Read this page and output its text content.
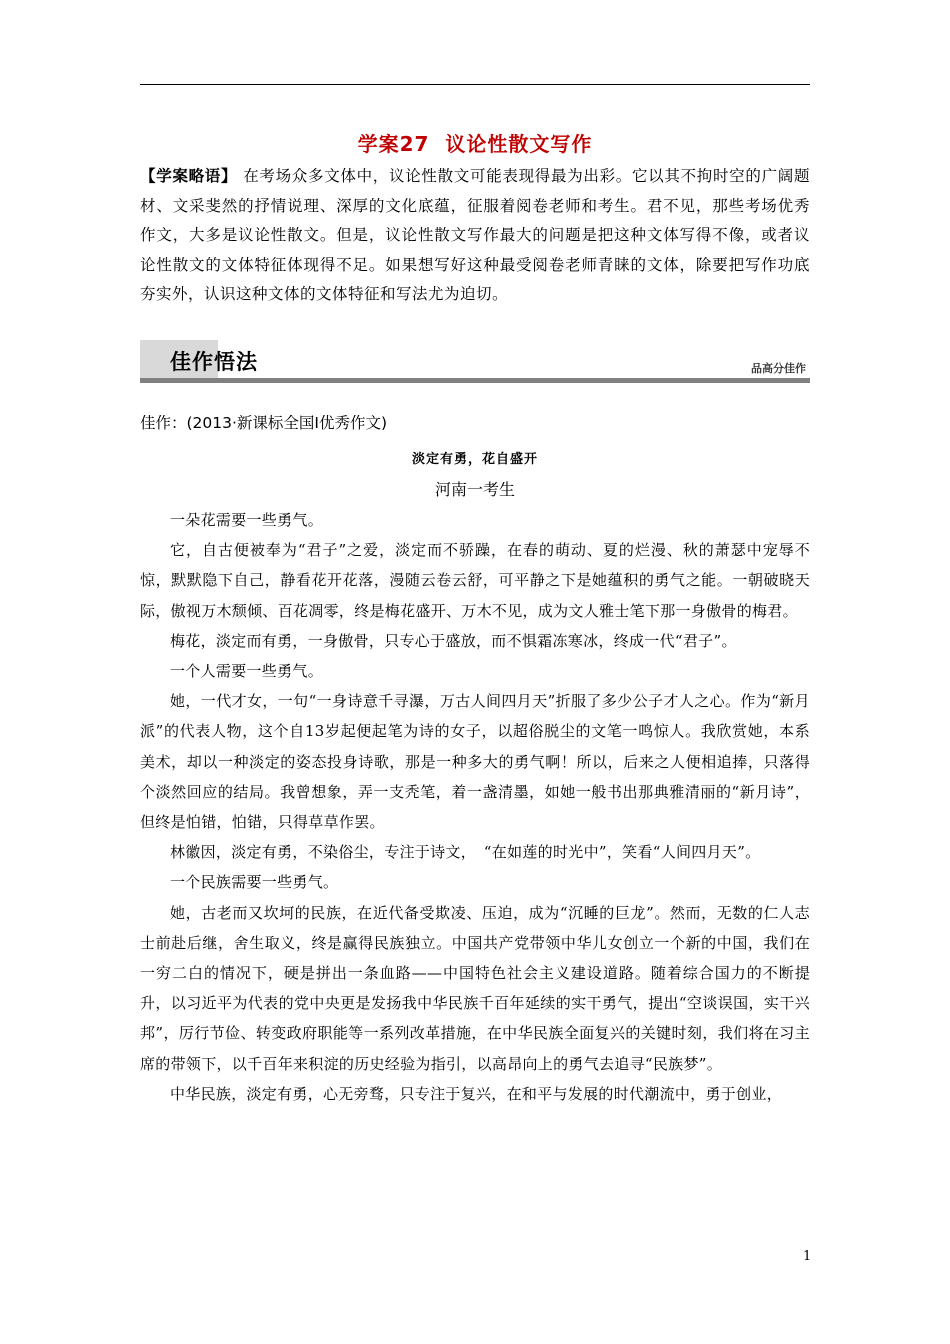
学案27 议论性散文写作
【学案略语】 在考场众多文体中，议论性散文可能表现得最为出彩。它以其不拘时空的广阔题材、文采斐然的抒情说理、深厚的文化底蕴，征服着阅卷老师和考生。君不见，那些考场优秀作文，大多是议论性散文。但是，议论性散文写作最大的问题是把这种文体写得不像，或者议论性散文的文体特征体现得不足。如果想写好这种最受阅卷老师青睐的文体，除要把写作功底夯实外，认识这种文体的文体特征和写法尤为迫切。
佳作悟法	品高分佳作
佳作：(2013·新课标全国Ⅰ优秀作文)
淡定有勇，花自盛开
河南一考生

一朵花需要一些勇气。

它，自古便被奉为“君子”之爱，淡定而不骄躁，在春的萌动、夏的烂漫、秋的萧瑟中宠辱不惊，默默隐下自己，静看花开花落，漫随云卷云舒，可平静之下是她蕴积的勇气之能。一朝破晓天际，傲视万木颓倾、百花凋零，终是梅花盛开、万木不见，成为文人雅士笔下那一身傲骨的梅君。

梅花，淡定而有勇，一身傲骨，只专心于盛放，而不惧霜冻寒冰，终成一代“君子”。

一个人需要一些勇气。

她，一代才女，一句“一身诗意千寻瀑，万古人间四月天”折服了多少公子才人之心。作为“新月派”的代表人物，这个自13岁起便起笔为诗的女子，以超俗脱尘的文笔一鸣惊人。我欣赏她，本系美术，却以一种淡定的姿态投身诗歌，那是一种多大的勇气啊！所以，后来之人便相追捧，只落得个淡然回应的结局。我曾想象，弄一支秃笔，着一盏清墨，如她一般书出那典雅清丽的“新月诗”，但终是怕错，怕错，只得草草作罢。

林徽因，淡定有勇，不染俗尘，专注于诗文，　“在如莲的时光中”，笑看“人间四月天”。

一个民族需要一些勇气。

她，古老而又坎坷的民族，在近代备受欺凌、压迫，成为“沉睡的巨龙”。然而，无数的仁人志士前赴后继，舍生取义，终是赢得民族独立。中国共产党带领中华儿女创立一个新的中国，我们在一穷二白的情况下，硬是拼出一条血路——中国特色社会主义建设道路。随着综合国力的不断提升，以习近平为代表的党中央更是发扬我中华民族千百年延续的实干勇气，提出“空谈误国，实干兴邦”，厉行节俭、转变政府职能等一系列改革措施，在中华民族全面复兴的关键时刻，我们将在习主席的带领下，以千百年来积淀的历史经验为指引，以高昂向上的勇气去追寻“民族梦”。

中华民族，淡定有勇，心无旁骛，只专注于复兴，在和平与发展的时代潮流中，勇于创业，

1
